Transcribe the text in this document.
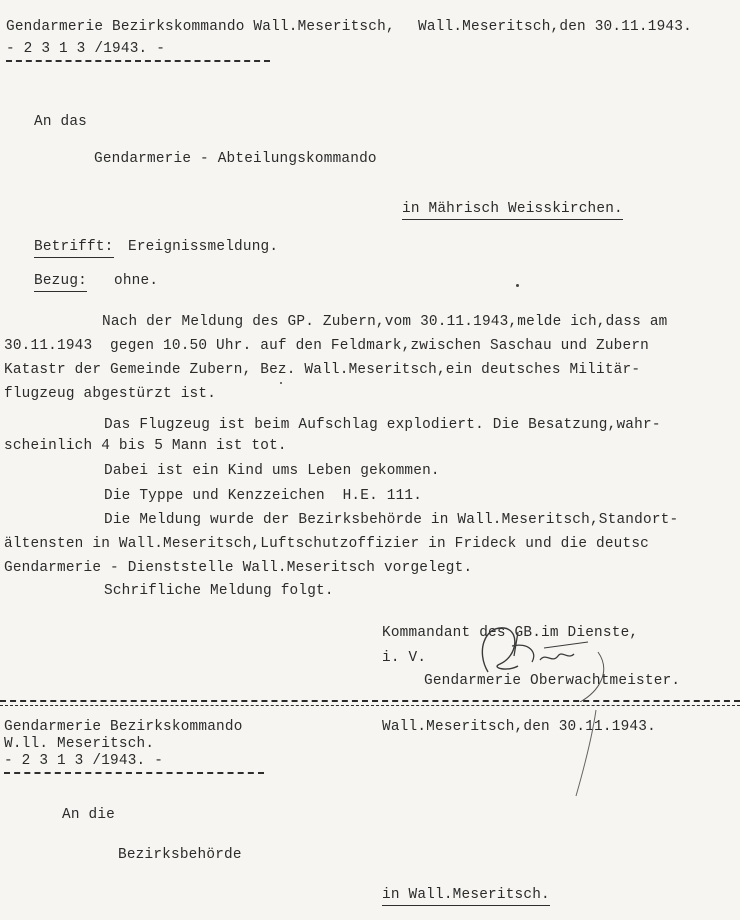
Gendarmerie Bezirkskommando Wall.Meseritsch, Wall.Meseritsch,den 30.11.1943.
- 2 3 1 3 /1943. -
An das
Gendarmerie - Abteilungskommando
in Mährisch Weisskirchen.
Betrifft: Ereignissmeldung.
Bezug: ohne.
Nach der Meldung des GP. Zubern,vom 30.11.1943,melde ich,dass am
30.11.1943  gegen 10.50 Uhr. auf den Feldmark,zwischen Saschau und Zubern
Katastr der Gemeinde Zubern, Bez. Wall.Meseritsch,ein deutsches Militär-
flugzeug abgestürzt ist.
Das Flugzeug ist beim Aufschlag explodiert. Die Besatzung,wahr-
scheinlich 4 bis 5 Mann ist tot.
Dabei ist ein Kind ums Leben gekommen.
Die Typpe und Kenzzeichen  H.E. 111.
Die Meldung wurde der Bezirksbehörde in Wall.Meseritsch,Standort-
ältensten in Wall.Meseritsch,Luftschutzoffizier in Frideck und die deutsc
Gendarmerie - Dienststelle Wall.Meseritsch vorgelegt.
Schrifliche Meldung folgt.
Kommandant des GB.im Dienste,
i. V.
Gendarmerie Oberwachtmeister.
Gendarmerie Bezirkskommando
W.ll. Meseritsch.
- 2 3 1 3 /1943. -
Wall.Meseritsch,den 30.11.1943.
An die
Bezirksbehörde
in Wall.Meseritsch.
